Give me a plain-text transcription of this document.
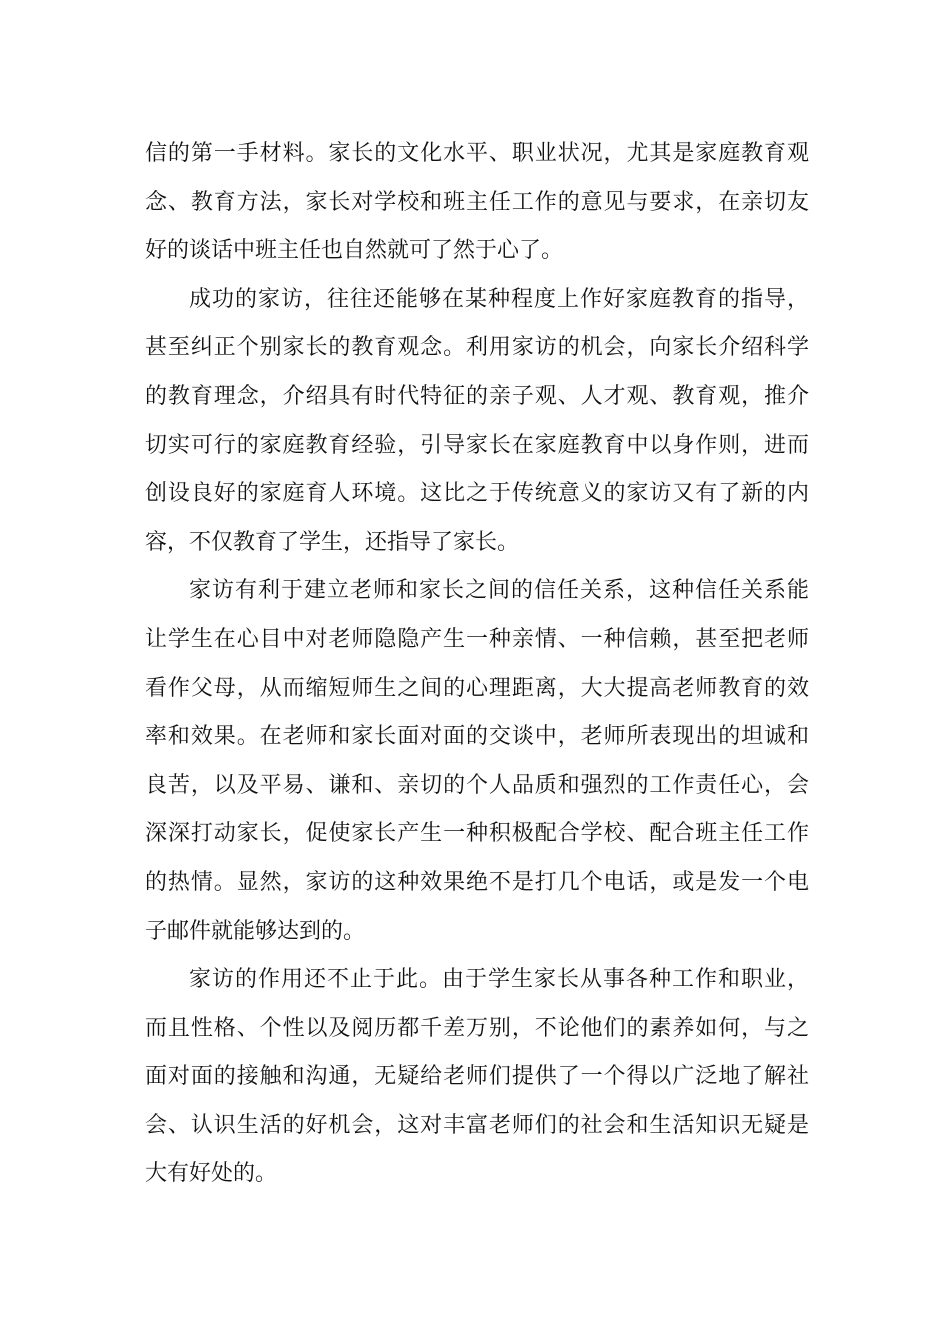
信的第一手材料。家长的文化水平、职业状况，尤其是家庭教育观
念、教育方法，家长对学校和班主任工作的意见与要求，在亲切友
好的谈话中班主任也自然就可了然于心了。
成功的家访，往往还能够在某种程度上作好家庭教育的指导，
甚至纠正个别家长的教育观念。利用家访的机会，向家长介绍科学
的教育理念，介绍具有时代特征的亲子观、人才观、教育观，推介
切实可行的家庭教育经验，引导家长在家庭教育中以身作则，进而
创设良好的家庭育人环境。这比之于传统意义的家访又有了新的内
容，不仅教育了学生，还指导了家长。
家访有利于建立老师和家长之间的信任关系，这种信任关系能
让学生在心目中对老师隐隐产生一种亲情、一种信赖，甚至把老师
看作父母，从而缩短师生之间的心理距离，大大提高老师教育的效
率和效果。在老师和家长面对面的交谈中，老师所表现出的坦诚和
良苦，以及平易、谦和、亲切的个人品质和强烈的工作责任心，会
深深打动家长，促使家长产生一种积极配合学校、配合班主任工作
的热情。显然，家访的这种效果绝不是打几个电话，或是发一个电
子邮件就能够达到的。
家访的作用还不止于此。由于学生家长从事各种工作和职业，
而且性格、个性以及阅历都千差万别，不论他们的素养如何，与之
面对面的接触和沟通，无疑给老师们提供了一个得以广泛地了解社
会、认识生活的好机会，这对丰富老师们的社会和生活知识无疑是
大有好处的。
